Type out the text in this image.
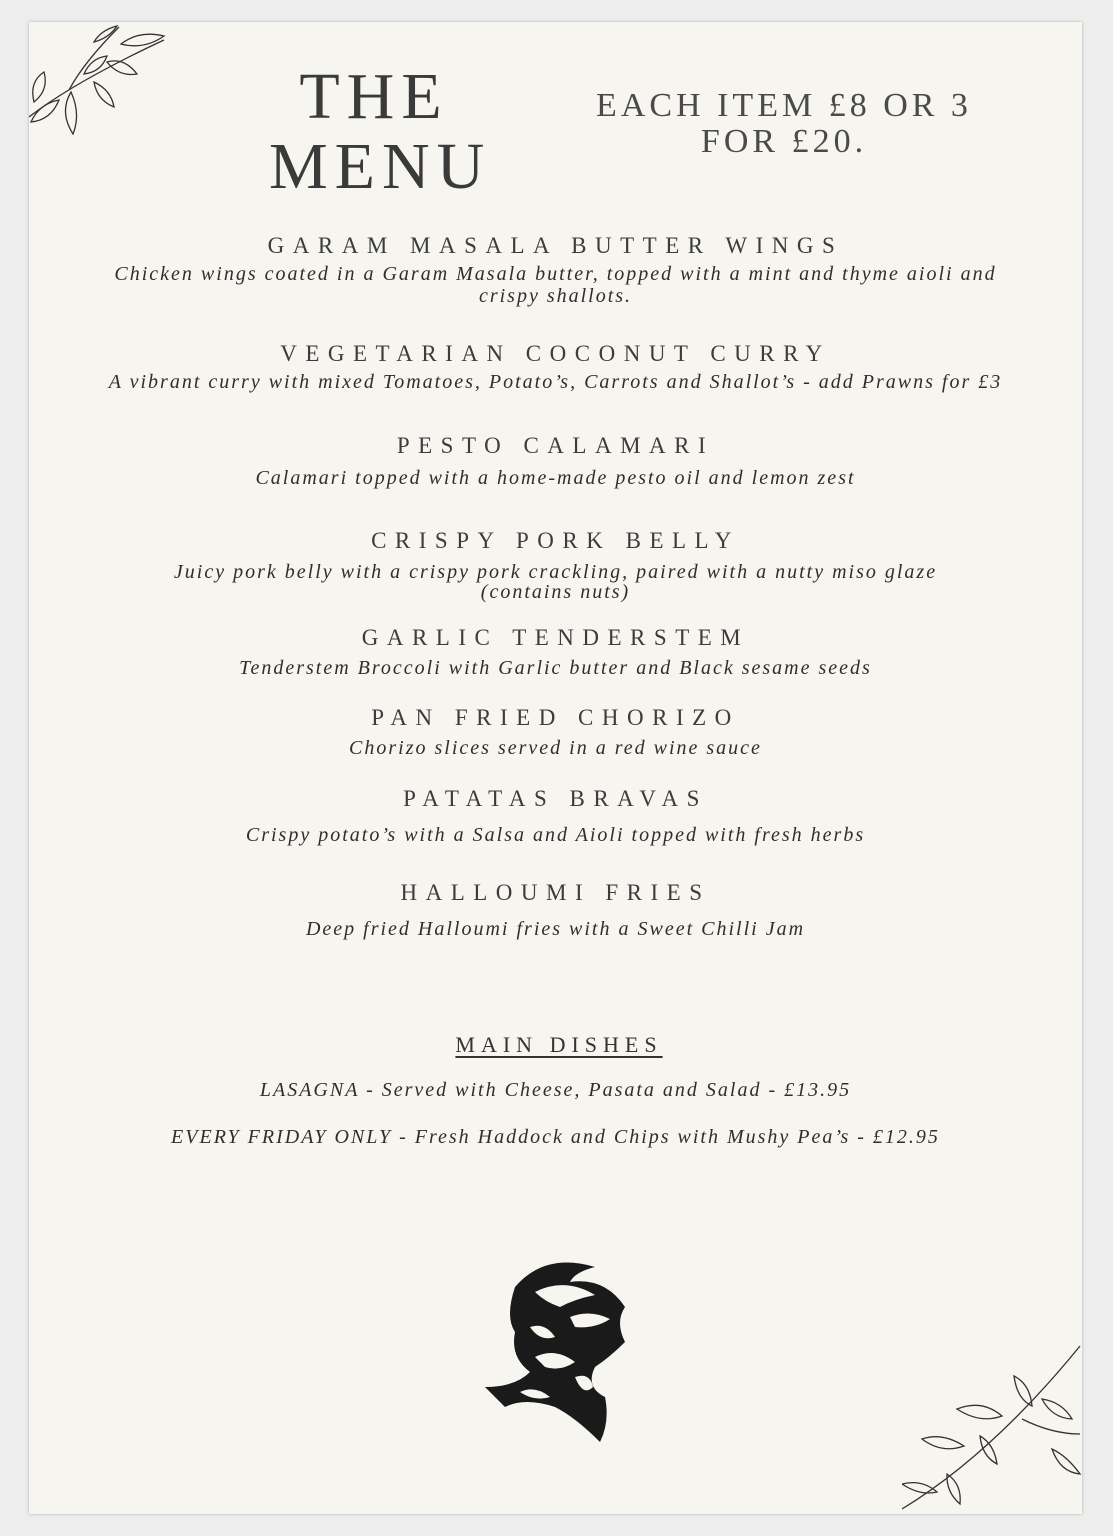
THE
MENU
EACH ITEM £8 OR 3 FOR £20.
GARAM MASALA BUTTER WINGS
Chicken wings coated in a Garam Masala butter, topped with a mint and thyme aioli and crispy shallots.
VEGETARIAN COCONUT CURRY
A vibrant curry with mixed Tomatoes, Potato’s, Carrots and Shallot’s - add Prawns for £3
PESTO CALAMARI
Calamari topped with a home-made pesto oil and lemon zest
CRISPY PORK BELLY
Juicy pork belly with a crispy pork crackling, paired with a nutty miso glaze (contains nuts)
GARLIC TENDERSTEM
Tenderstem Broccoli with Garlic butter and Black sesame seeds
PAN FRIED CHORIZO
Chorizo slices served in a red wine sauce
PATATAS BRAVAS
Crispy potato’s with a Salsa and Aioli topped with fresh herbs
HALLOUMI FRIES
Deep fried Halloumi fries with a Sweet Chilli Jam
MAIN DISHES
LASAGNA - Served with Cheese, Pasata and Salad - £13.95
EVERY FRIDAY ONLY - Fresh Haddock and Chips with Mushy Pea’s - £12.95
